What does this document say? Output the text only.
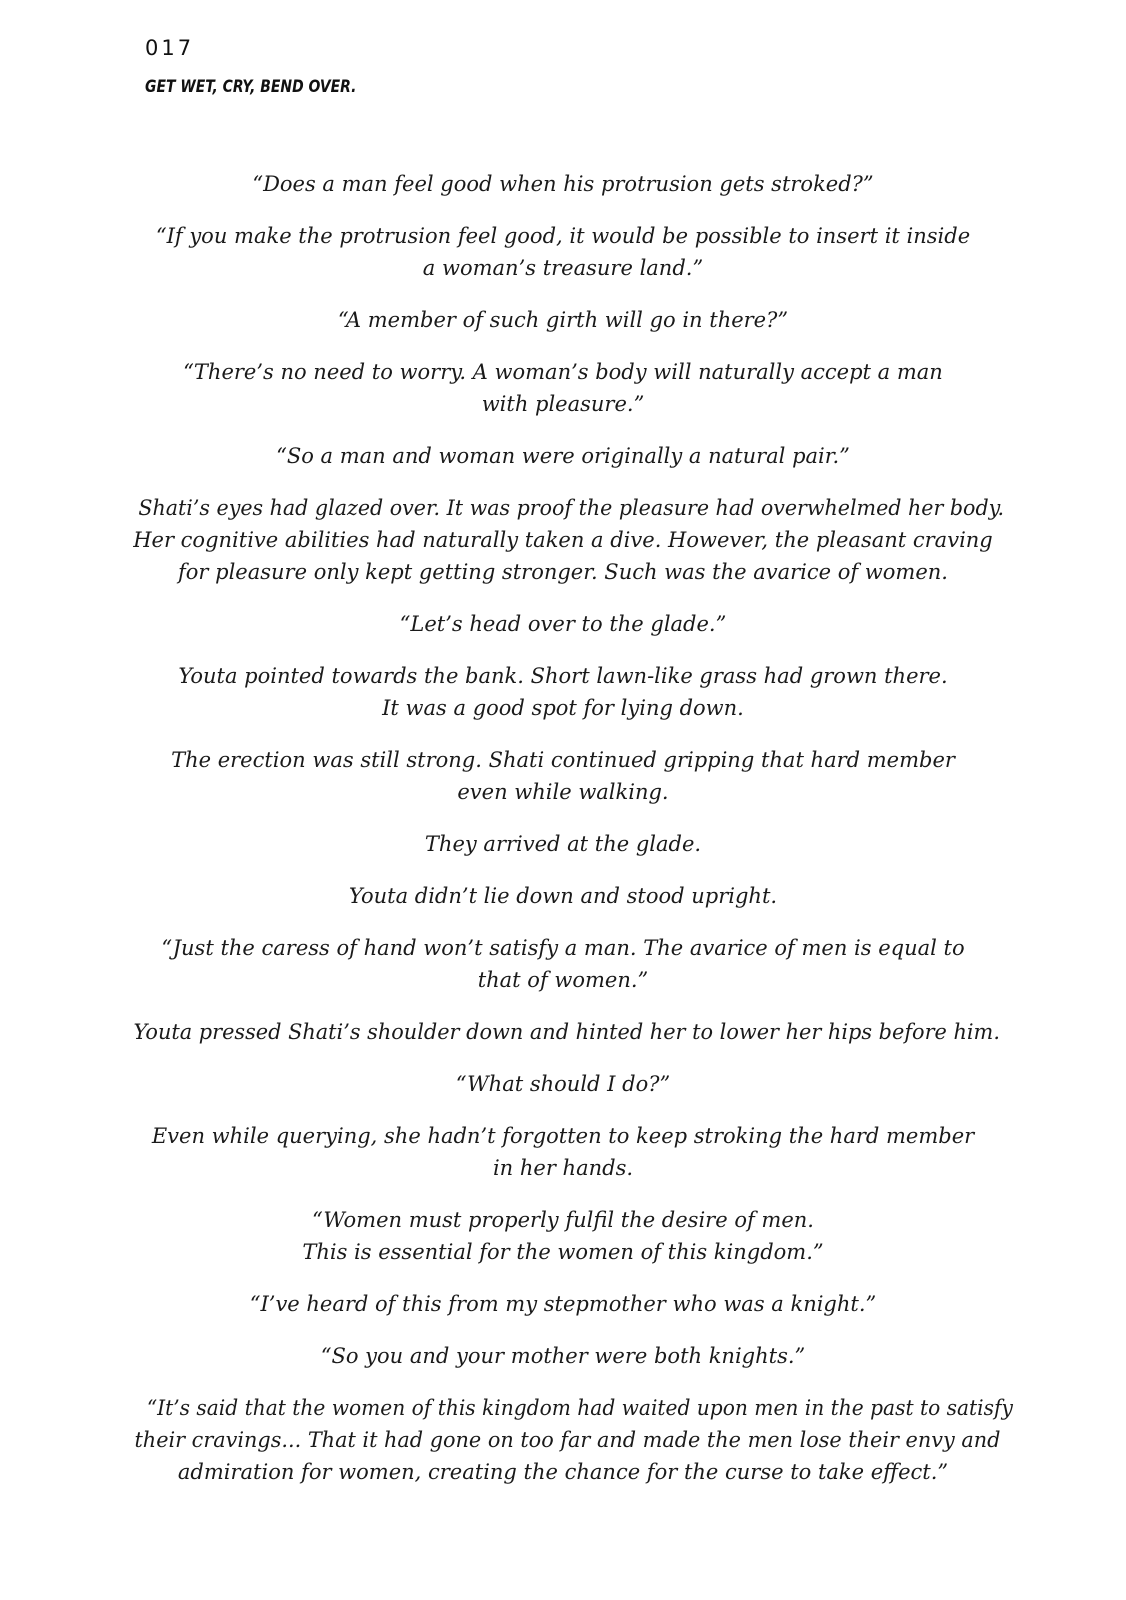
017
GET WET, CRY, BEND OVER.

“Does a man feel good when his protrusion gets stroked?”

“If you make the protrusion feel good, it would be possible to insert it inside
a woman’s treasure land.”

“A member of such girth will go in there?”

“There’s no need to worry. A woman’s body will naturally accept a man
with pleasure.”

“So a man and woman were originally a natural pair.”

Shati’s eyes had glazed over. It was proof the pleasure had overwhelmed her body.
Her cognitive abilities had naturally taken a dive. However, the pleasant craving
for pleasure only kept getting stronger. Such was the avarice of women.

“Let’s head over to the glade.”

Youta pointed towards the bank. Short lawn-like grass had grown there.
It was a good spot for lying down.

The erection was still strong. Shati continued gripping that hard member
even while walking.

They arrived at the glade.

Youta didn’t lie down and stood upright.

“Just the caress of hand won’t satisfy a man. The avarice of men is equal to
that of women.”

Youta pressed Shati’s shoulder down and hinted her to lower her hips before him.

“What should I do?”

Even while querying, she hadn’t forgotten to keep stroking the hard member
in her hands.

“Women must properly fulfil the desire of men.
This is essential for the women of this kingdom.”

“I’ve heard of this from my stepmother who was a knight.”

“So you and your mother were both knights.”

“It’s said that the women of this kingdom had waited upon men in the past to satisfy
their cravings... That it had gone on too far and made the men lose their envy and
admiration for women, creating the chance for the curse to take effect.”
